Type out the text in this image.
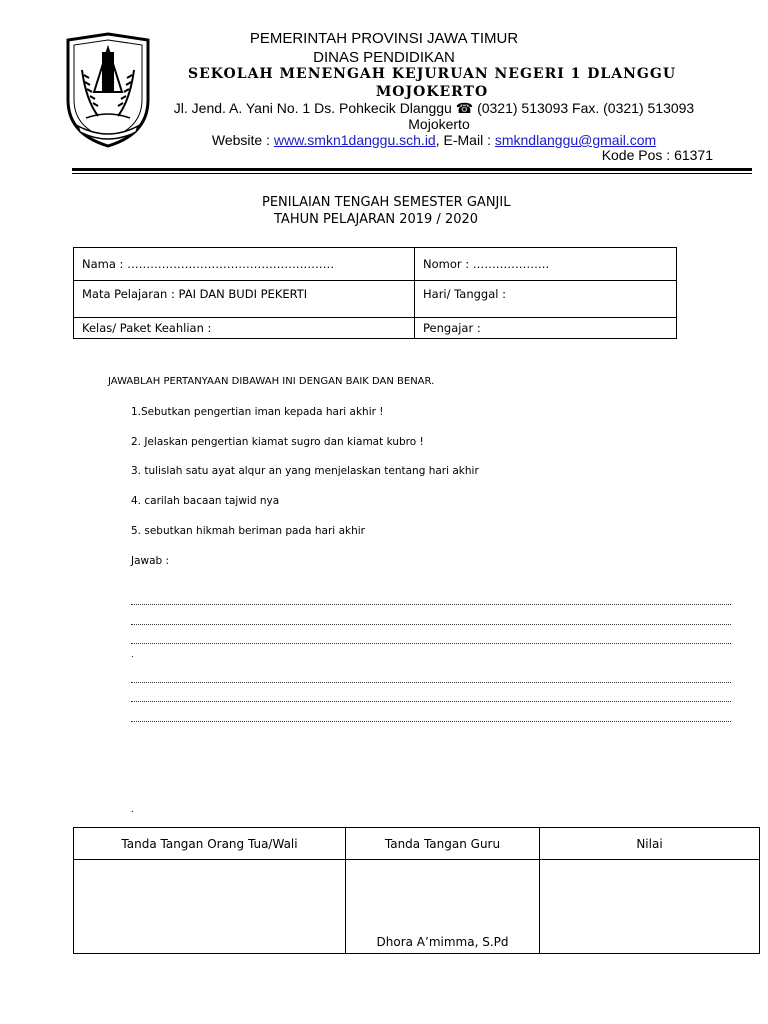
PEMERINTAH PROVINSI JAWA TIMUR
DINAS PENDIDIKAN
SEKOLAH MENENGAH KEJURUAN NEGERI 1 DLANGGU
MOJOKERTO
Jl. Jend. A. Yani No. 1 Ds. Pohkecik Dlanggu ☎ (0321) 513093 Fax. (0321) 513093
Mojokerto
Website : www.smkn1danggu.sch.id, E-Mail : smkndlanggu@gmail.com
Kode Pos : 61371
PENILAIAN TENGAH SEMESTER GANJIL
TAHUN PELAJARAN 2019 / 2020
Nama : ………………………………………………	Nomor : ………………..
Mata Pelajaran : PAI DAN BUDI PEKERTI	Hari/ Tanggal :
Kelas/ Paket Keahlian :	Pengajar :
JAWABLAH PERTANYAAN DIBAWAH INI DENGAN BAIK DAN BENAR.
1.Sebutkan pengertian iman kepada hari akhir !
2. Jelaskan pengertian kiamat sugro dan kiamat kubro !
3. tulislah satu ayat alqur an yang menjelaskan tentang hari akhir
4. carilah bacaan tajwid nya
5. sebutkan hikmah beriman pada hari akhir
Jawab :
.
.
Tanda Tangan Orang Tua/Wali	Tanda Tangan Guru	Nilai
	Dhora A’mimma, S.Pd	
